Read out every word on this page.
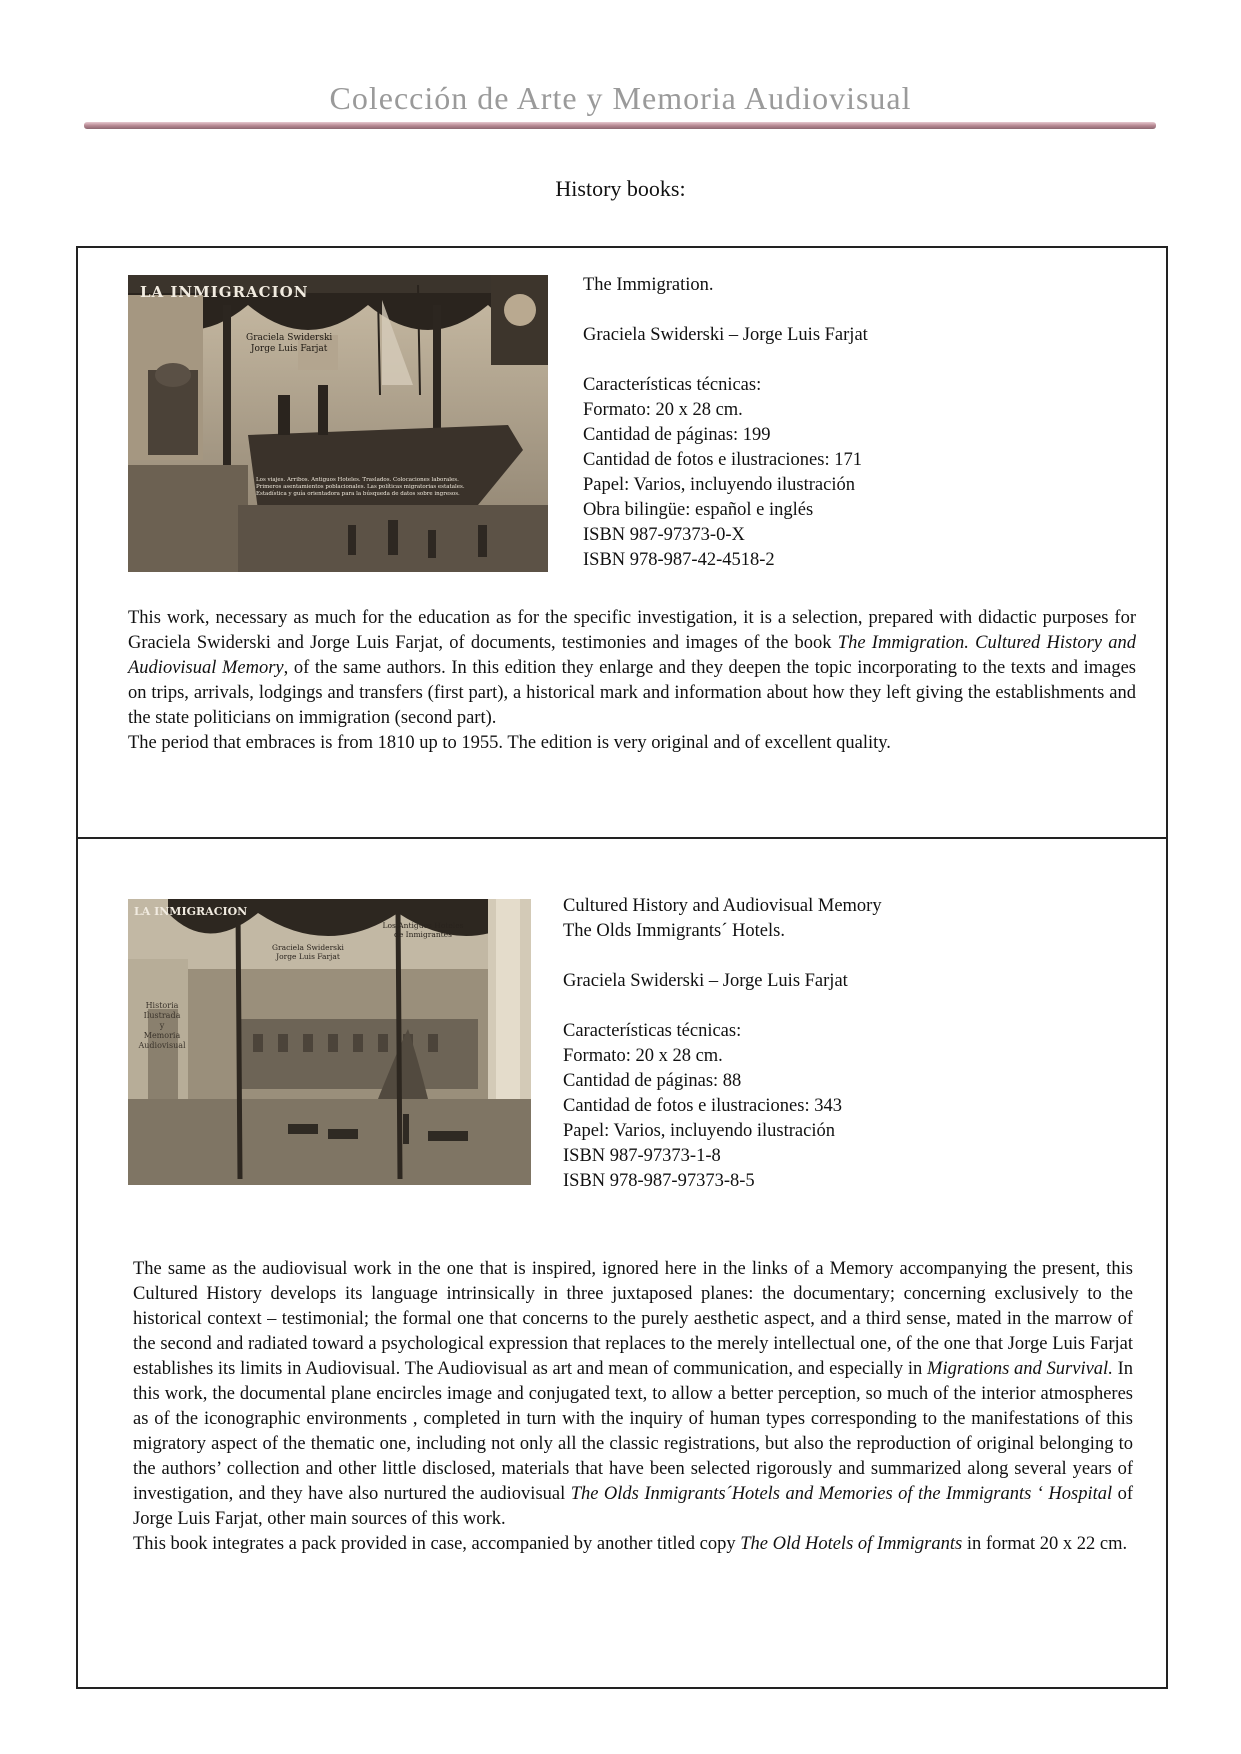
Colección de Arte y Memoria Audiovisual
History books:
LA INMIGRACION
Graciela Swiderski
Jorge Luis Farjat
Los viajes. Arribos. Antiguos Hoteles. Traslados. Colocaciones laborales.
Primeros asentamientos poblacionales. Las políticas migratorias estatales.
Estadística y guía orientadora para la búsqueda de datos sobre ingresos.
The Immigration.
Graciela Swiderski – Jorge Luis Farjat
Características técnicas:
Formato: 20 x 28 cm.
Cantidad de páginas: 199
Cantidad de fotos e ilustraciones: 171
Papel: Varios, incluyendo ilustración
Obra bilingüe: español e inglés
ISBN 987-97373-0-X
ISBN 978-987-42-4518-2

This work, necessary as much for the education as for the specific investigation, it is a selection, prepared with didactic purposes for Graciela Swiderski and Jorge Luis Farjat, of documents, testimonies and images of the book The Immigration. Cultured History and Audiovisual Memory, of the same authors. In this edition they enlarge and they deepen the topic incorporating to the texts and images on trips, arrivals, lodgings and transfers (first part), a historical mark and information about how they left giving the establishments and the state politicians on immigration (second part).

The period that embraces is from 1810 up to 1955. The edition is very original and of excellent quality.

LA INMIGRACION
Los Antiguos Hoteles
de Inmigrantes
Graciela Swiderski
Jorge Luis Farjat
Historia
Ilustrada
y
Memoria
Audiovisual
Cultured History and Audiovisual Memory
The Olds Immigrants´ Hotels.
Graciela Swiderski – Jorge Luis Farjat
Características técnicas:
Formato: 20 x 28 cm.
Cantidad de páginas: 88
Cantidad de fotos e ilustraciones: 343
Papel: Varios, incluyendo ilustración
ISBN 987-97373-1-8
ISBN 978-987-97373-8-5

The same as the audiovisual work in the one that is inspired, ignored here in the links of a Memory accompanying the present, this Cultured History develops its language intrinsically in three juxtaposed planes: the documentary; concerning exclusively to the historical context – testimonial; the formal one that concerns to the purely aesthetic aspect, and a third sense, mated in the marrow of the second and radiated toward a psychological expression that replaces to the merely intellectual one, of the one that Jorge Luis Farjat establishes its limits in Audiovisual. The Audiovisual as art and mean of communication, and especially in Migrations and Survival. In this work, the documental plane encircles image and conjugated text, to allow a better perception, so much of the interior atmospheres as of the iconographic environments , completed in turn with the inquiry of human types corresponding to the manifestations of this migratory aspect of the thematic one, including not only all the classic registrations, but also the reproduction of original belonging to the authors’ collection and other little disclosed, materials that have been selected rigorously and summarized along several years of investigation, and they have also nurtured the audiovisual The Olds Inmigrants´Hotels and Memories of the Immigrants ‘ Hospital of Jorge Luis Farjat, other main sources of this work.

This book integrates a pack provided in case, accompanied by another titled copy The Old Hotels of Immigrants in format 20 x 22 cm.
